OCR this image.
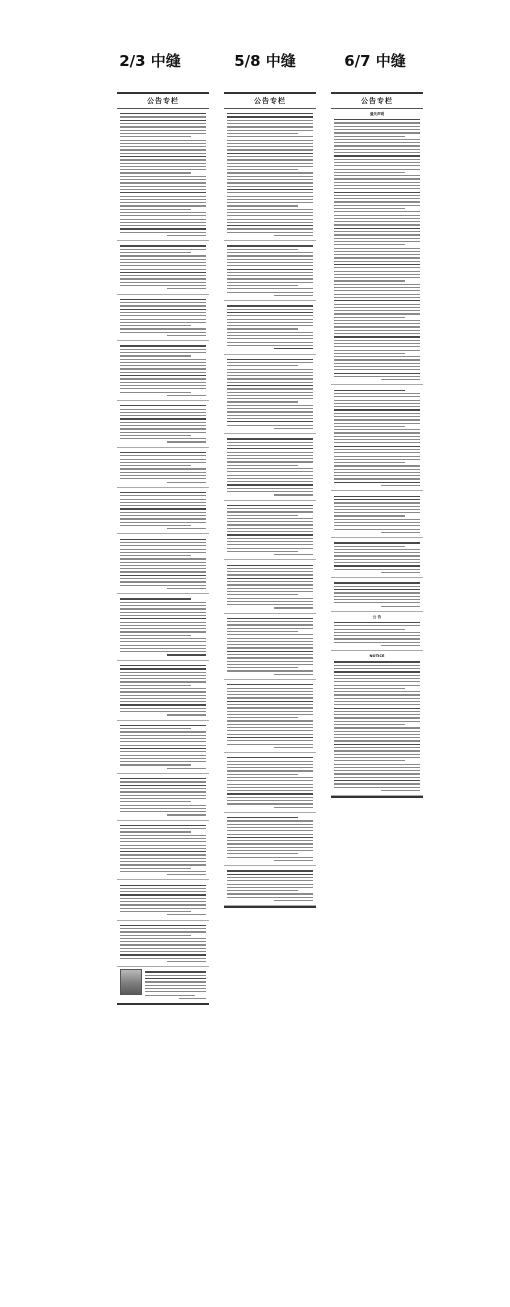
2/3 中缝	5/8 中缝	6/7 中缝
公告专栏	公告专栏	公告专栏
遗失声明
公 告
NOTICE
